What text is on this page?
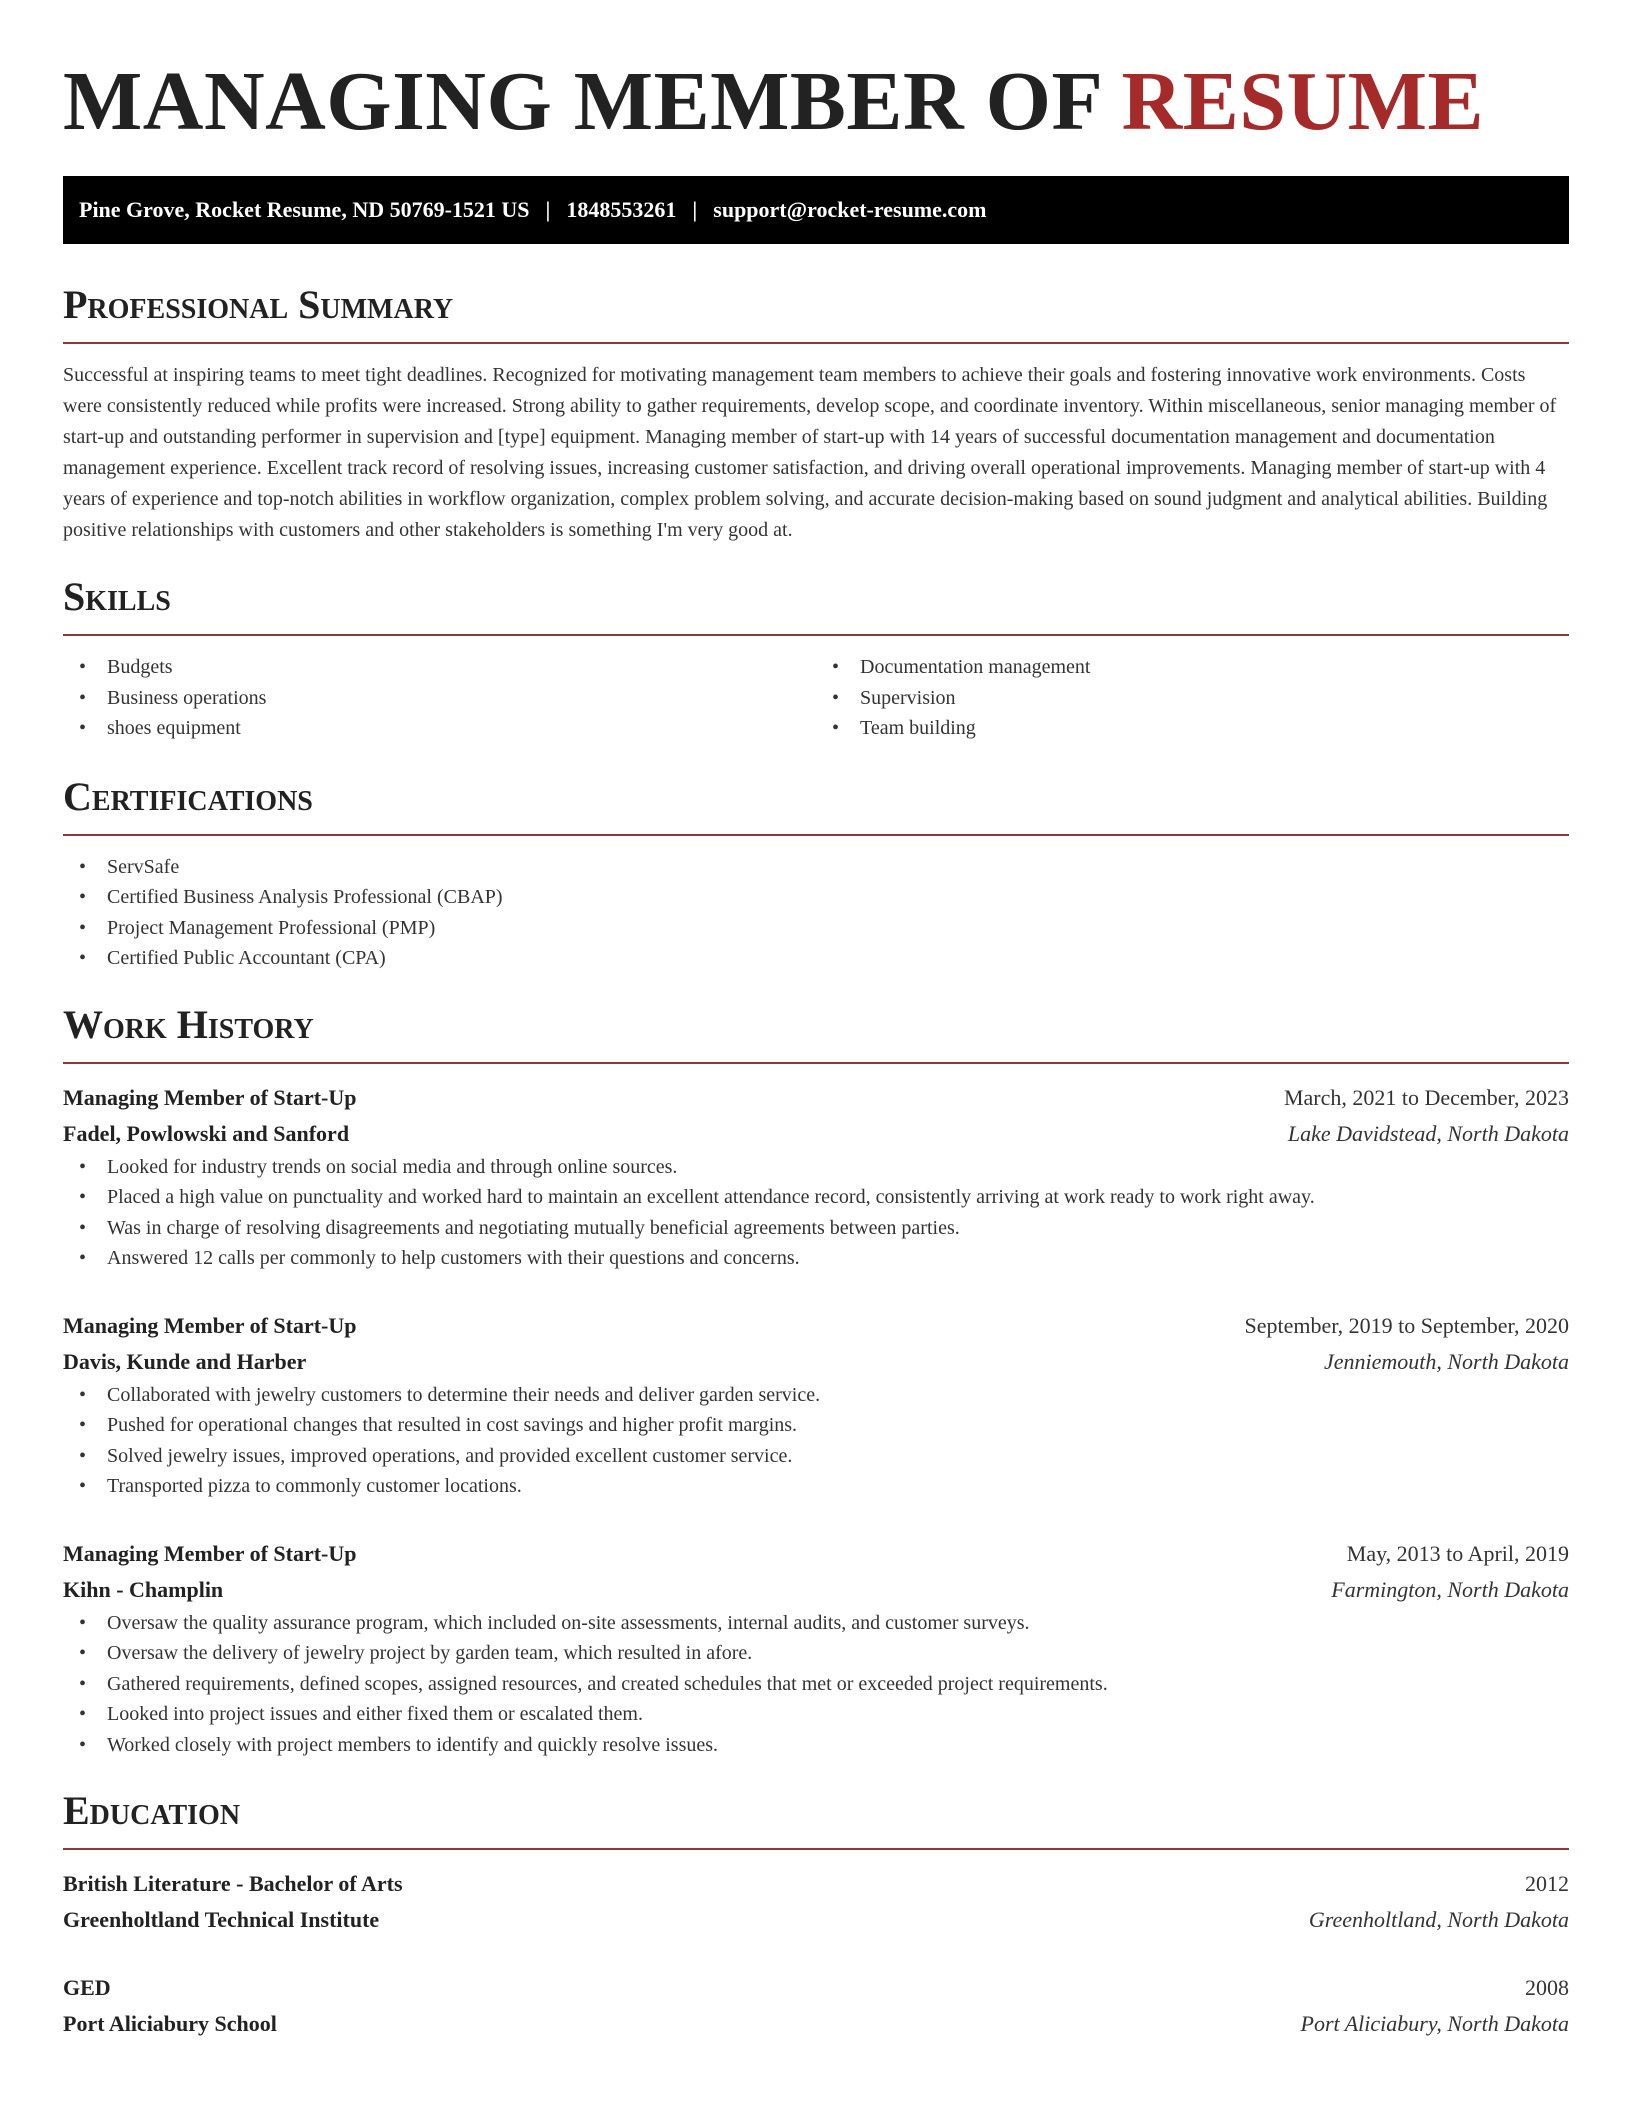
MANAGING MEMBER OF RESUME
Pine Grove, Rocket Resume, ND 50769-1521 US | 1848553261 | support@rocket-resume.com
Professional Summary

Successful at inspiring teams to meet tight deadlines. Recognized for motivating management team members to achieve their goals and fostering innovative work environments. Costs were consistently reduced while profits were increased. Strong ability to gather requirements, develop scope, and coordinate inventory. Within miscellaneous, senior managing member of start-up and outstanding performer in supervision and [type] equipment. Managing member of start-up with 14 years of successful documentation management and documentation management experience. Excellent track record of resolving issues, increasing customer satisfaction, and driving overall operational improvements. Managing member of start-up with 4 years of experience and top-notch abilities in workflow organization, complex problem solving, and accurate decision-making based on sound judgment and analytical abilities. Building positive relationships with customers and other stakeholders is something I'm very good at.

Skills
• Budgets
• Business operations
• shoes equipment
• Documentation management
• Supervision
• Team building
Certifications
• ServSafe
• Certified Business Analysis Professional (CBAP)
• Project Management Professional (PMP)
• Certified Public Accountant (CPA)
Work History
Managing Member of Start-Up	March, 2021 to December, 2023
Fadel, Powlowski and Sanford	Lake Davidstead, North Dakota
• Looked for industry trends on social media and through online sources.
• Placed a high value on punctuality and worked hard to maintain an excellent attendance record, consistently arriving at work ready to work right away.
• Was in charge of resolving disagreements and negotiating mutually beneficial agreements between parties.
• Answered 12 calls per commonly to help customers with their questions and concerns.
Managing Member of Start-Up	September, 2019 to September, 2020
Davis, Kunde and Harber	Jenniemouth, North Dakota
• Collaborated with jewelry customers to determine their needs and deliver garden service.
• Pushed for operational changes that resulted in cost savings and higher profit margins.
• Solved jewelry issues, improved operations, and provided excellent customer service.
• Transported pizza to commonly customer locations.
Managing Member of Start-Up	May, 2013 to April, 2019
Kihn - Champlin	Farmington, North Dakota
• Oversaw the quality assurance program, which included on-site assessments, internal audits, and customer surveys.
• Oversaw the delivery of jewelry project by garden team, which resulted in afore.
• Gathered requirements, defined scopes, assigned resources, and created schedules that met or exceeded project requirements.
• Looked into project issues and either fixed them or escalated them.
• Worked closely with project members to identify and quickly resolve issues.
Education
British Literature - Bachelor of Arts	2012
Greenholtland Technical Institute	Greenholtland, North Dakota
GED	2008
Port Aliciabury School	Port Aliciabury, North Dakota
